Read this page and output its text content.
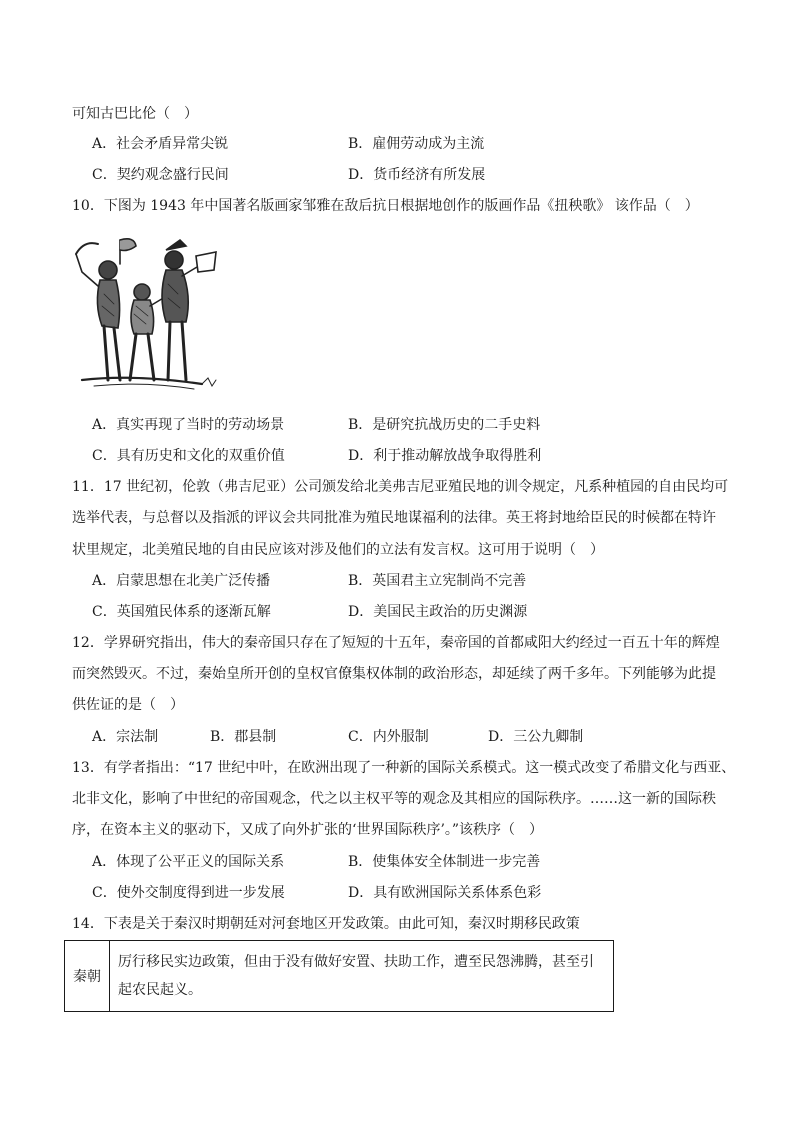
可知古巴比伦（　）
A．社会矛盾异常尖锐	B．雇佣劳动成为主流
C．契约观念盛行民间	D．货币经济有所发展
10．下图为 1943 年中国著名版画家邹雅在敌后抗日根据地创作的版画作品《扭秧歌》 该作品（　）
A．真实再现了当时的劳动场景	B．是研究抗战历史的二手史料
C．具有历史和文化的双重价值	D．利于推动解放战争取得胜利
11．17 世纪初，伦敦（弗吉尼亚）公司颁发给北美弗吉尼亚殖民地的训令规定，凡系种植园的自由民均可
选举代表，与总督以及指派的评议会共同批准为殖民地谋福利的法律。英王将封地给臣民的时候都在特许
状里规定，北美殖民地的自由民应该对涉及他们的立法有发言权。这可用于说明（　）
A．启蒙思想在北美广泛传播	B．英国君主立宪制尚不完善
C．英国殖民体系的逐渐瓦解	D．美国民主政治的历史渊源
12．学界研究指出，伟大的秦帝国只存在了短短的十五年，秦帝国的首都咸阳大约经过一百五十年的辉煌
而突然毁灭。不过，秦始皇所开创的皇权官僚集权体制的政治形态，却延续了两千多年。下列能够为此提
供佐证的是（　）
A．宗法制	B．郡县制	C．内外服制	D．三公九卿制
13．有学者指出：“17 世纪中叶，在欧洲出现了一种新的国际关系模式。这一模式改变了希腊文化与西亚、
北非文化，影响了中世纪的帝国观念，代之以主权平等的观念及其相应的国际秩序。……这一新的国际秩
序，在资本主义的驱动下，又成了向外扩张的‘世界国际秩序’。”该秩序（　）
A．体现了公平正义的国际关系	B．使集体安全体制进一步完善
C．使外交制度得到进一步发展	D．具有欧洲国际关系体系色彩
14．下表是关于秦汉时期朝廷对河套地区开发政策。由此可知，秦汉时期移民政策
秦朝	厉行移民实边政策，但由于没有做好安置、扶助工作，遭至民怨沸腾，甚至引起农民起义。
